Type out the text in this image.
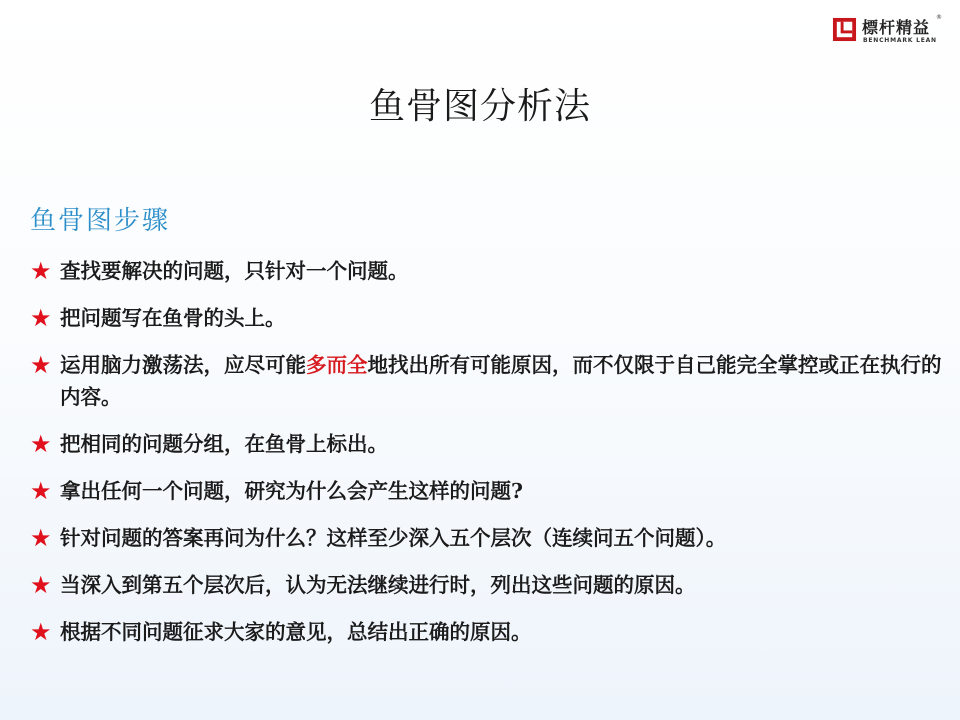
標杆精益
®
BENCHMARK LEAN
鱼骨图分析法
鱼骨图步骤
★ 查找要解决的问题，只针对一个问题。
★ 把问题写在鱼骨的头上。
★ 运用脑力激荡法，应尽可能多而全地找出所有可能原因，而不仅限于自己能完全掌控或正在执行的内容。
★ 把相同的问题分组，在鱼骨上标出。
★ 拿出任何一个问题，研究为什么会产生这样的问题?
★ 针对问题的答案再问为什么？这样至少深入五个层次（连续问五个问题）。
★ 当深入到第五个层次后，认为无法继续进行时，列出这些问题的原因。
★ 根据不同问题征求大家的意见，总结出正确的原因。
